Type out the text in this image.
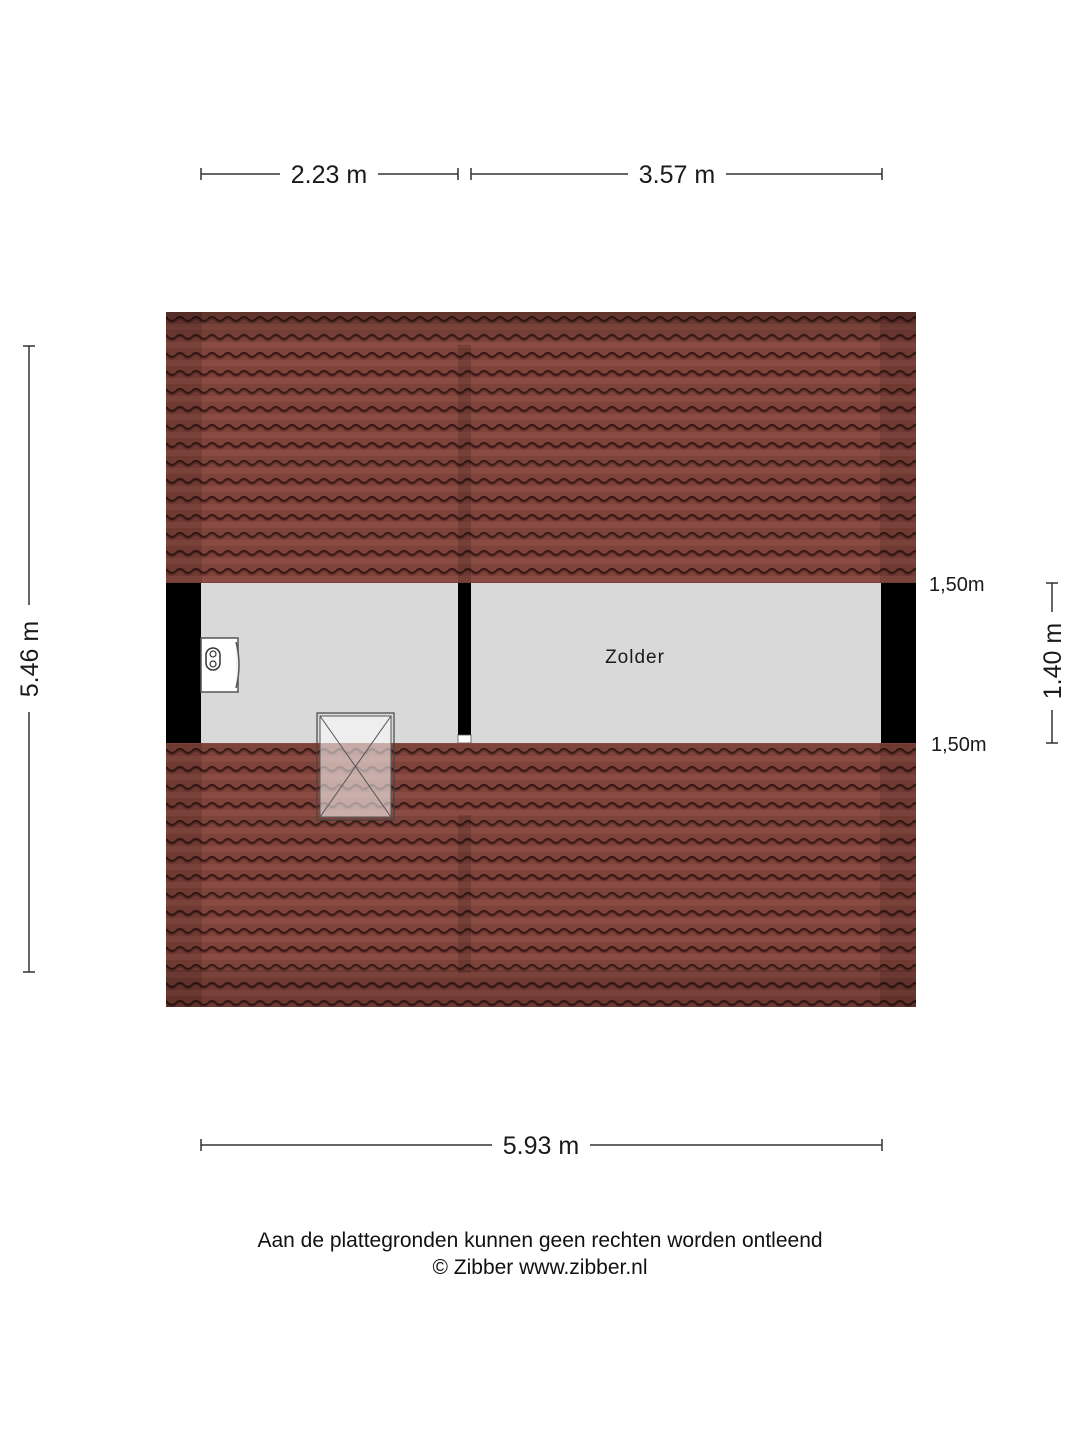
2.23 m	3.57 m
5.46 m	1.40 m
1,50m
1,50m
Zolder
5.93 m
Aan de plattegronden kunnen geen rechten worden ontleend
© Zibber www.zibber.nl
